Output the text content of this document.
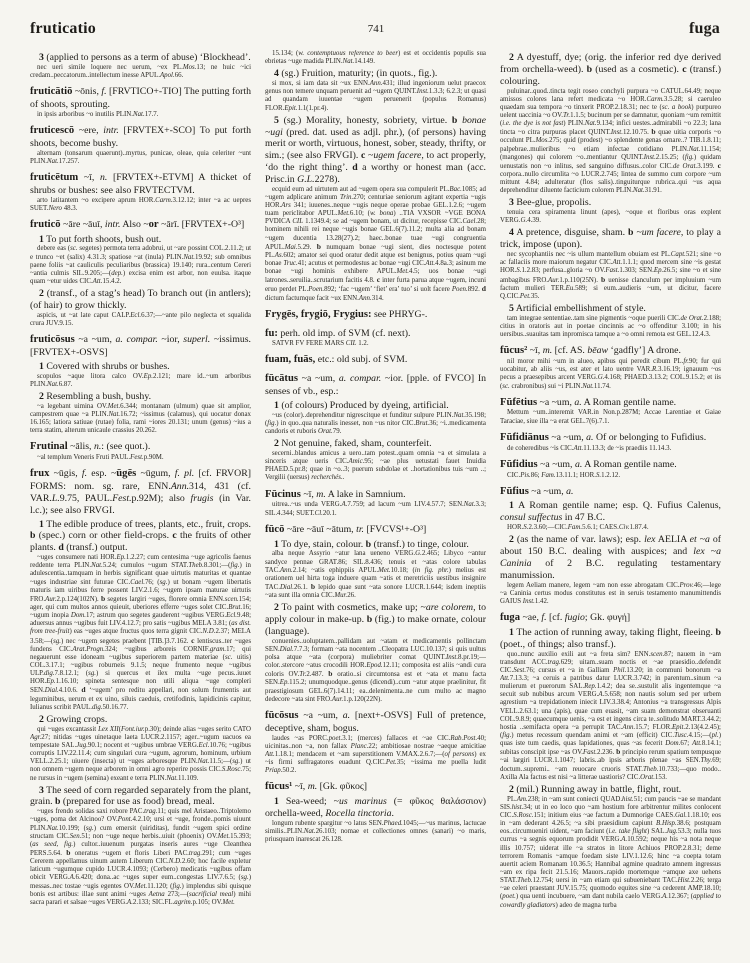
fruticatio	741	fuga

3 (applied to persons as a term of abuse) ‘Blockhead’.

nec ueri simile loquere nec uerum, ~ex PL.Mos.13; ne huic ~ici credam..peccatorum..intellectum inesse APUL.Apol.66.

fruticātiō ~ōnis, f. [FRVTICO+-TIO] The putting forth of shoots, sprouting.

in ipsis arboribus ~o inutilis PLIN.Nat.17.7.

fruticescō ~ere, intr. [FRVTEX+-SCO] To put forth shoots, become bushy.

alternam (tonsarum quaerunt)..myrtus, punicae, oleae, quia celeriter ~unt PLIN.Nat.17.257.

fruticētum ~ī, n. [FRVTEX+-ETVM] A thicket of shrubs or bushes: see also FRVTECTVM.

arto latitantem ~o excipere aprum HOR.Carm.3.12.12; inter ~a ac uepres SUET.Nero 48.3.

fruticō ~āre ~āuī, intr. Also ~or ~ārī. [FRVTEX+-O³]

1 To put forth shoots, bush out.

debere eas (sc. segetes) permota terra adobrui, ut ~are possint COL.2.11.2; ut e trunco ~et (salix) 4.31.3; spatiose ~at (inula) PLIN.Nat.19.92; sub omnibus paene foliis ~at cauliculis peculiaribus (brassica) 19.140; rura..centum Cereri ~antia culmis SIL.9.205;—(dep.) excisa enim est arbor, non euulsa. itaque quam ~etur uides CIC.Att.15.4.2.

2 (transf., of a stag’s head) To branch out (in antlers); (of hair) to grow thickly.

aspicis, ut ~at late caput CALP.Ecl.6.37;—~ante pilo neglecta et squalida crura JUV.9.15.

fruticōsus ~a ~um, a. compar. ~ior, superl. ~issimus. [FRVTEX+-OSVS]

1 Covered with shrubs or bushes.

scopulos ~aque litora calco OV.Ep.2.121; mare id..~um arboribus PLIN.Nat.6.87.

2 Resembling a bush, bushy.

~a legebant uimina OV.Met.6.344; montanam (ulmum) quae sit amplior, campestrem quae ~a PLIN.Nat.16.72; ~issimus (calamus), qui uocatur donax 16.165; latiora satiuae (rutae) folia, rami ~iores 20.131; unum (genus) ~ius a terra statim, alterum unicaule crassius 20.262.

Frutinal ~ālis, n.: (see quot.).

~al templum Veneris Fruti PAUL.Fest.p.90M.

frux ~ūgis, f. esp. ~ūgēs ~ūgum, f. pl. [cf. FRVOR] FORMS: nom. sg. rare, ENN.Ann.314, 431 (cf. VAR.L.9.75, PAUL.Fest.p.92M); also frugis (in Var. l.c.); see also FRVGI.

1 The edible produce of trees, plants, etc., fruit, crops. b (spec.) corn or other field-crops. c the fruits of other plants. d (transf.) output.

~uges consumere nati HOR.Ep.1.2.27; cum centesima ~uge agricolis faenus reddente terra PLIN.Nat.5.24; cumulos ~ugum STAT.Theb.8.301;—(fig.) in adulescentia..tamquam in herbis significant quae uirtutis maturitas et quantae ~uges industriae sint futurae CIC.Cael.76; (sg.) ut bonam ~ugem libertatis maturis iam uiribus ferre possent LIV.2.1.6; ~ugem ipsam maturae uirtutis FRO.Aur.2.p.124(102N). b segetes largiri ~uges, florere omnia ENN.scen.154; ager, qui cum multos annos quieuit, uberiores efferre ~uges solet CIC.Brut.16; ~ugum inopia Dom.17; astrum quo segetes gauderent ~ugibus VERG.Ecl.9.48; aduersus annus ~ugibus fuit LIV.4.12.7; pro satis ~ugibus MELA 3.81; (as dist. from tree-fruit) eas ~uges atque fructus quos terra gignit CIC.N.D.2.37; MELA 3.58;—(sg.) nec ~ugem segetes praebent [TIB.]3.7.162. c lentiscus..ter ~uges fundens CIC.Arat.Progn.324; ~ugibus arboreis CORNIF.gram.17; qui negauerunt esse idoneam ~ugibus superiorem partem materiae (sc. uitis) COL.3.17.1; ~ugibus roburneis 9.1.5; neque frumento neque ~ugibus ULP.dig.7.8.12.1; (sg.) si quercus et ilex multa ~uge pecus..iuuet HOR.Ep.1.16.10; spineta sentesque non utili aliqua ~uge compleri SEN.Dial.4.10.6. d ‘~ugem’ pro reditu appellari, non solum frumentis aut leguminibus, uerum et ex uino, siluis caeduis, cretifodinis, lapidicinis capitur, Iulianus scribit PAUL.dig.50.16.77.

2 Growing crops.

qui ~uges excantassit Lex XII(Font.iur.p.30); deinde alias ~uges serito CATO Agr.27; nitidas ~uges uinetaque laeta LUCR.2.1157; ager..~ugum uacuos ea tempestate SAL.Jug.90.1; nocent et ~ugibus umbrae VERG.Ecl.10.76; ~ugibus corruptis LIV.22.11.4; cum singulari cura ~ugum, agrorum, hominum, urbium VELL.2.25.1; uiuere (insecta) ut ~uges arboresque PLIN.Nat.11.5;—(sg.) ut non omnem ~ugem neque arborem in omni agro reperire possis CIC.S.Rosc.75; ne rursus in ~ugem (semina) exeant e terra PLIN.Nat.11.109.

3 The seed of corn regarded separately from the plant, grain. b (prepared for use as food) bread, meal.

~uges frendo solidas saxi robore PAC.trag.11; quis mel Aristaeo..Triptolemo ~uges, poma det Alcinoo? OV.Pont.4.2.10; ursi et ~uge, fronde..pomis uiuunt PLIN.Nat.10.199; (sg.) cum emersit (uiriditas), fundit ~ugem spici ordine structam CIC.Sen.51; non ~uge neque herbis..uiuit (phoenix) OV.Met.15.393; (as seed, fig.) cultor..iuuenum purgatas inseris aures ~uge Cleanthea PERS.5.64. b oneratus ~ugem et floris Liberi PAC.trag.291; cum ~uges Cererem appellamus uinum autem Liberum CIC.N.D.2.60; hoc facile expletur laticum ~ugumque cupido LUCR.4.1093; (Cerbero) medicatis ~ugibus offam obicit VERG.A.6.420; dona..ac ~uges super eum..congestas LIV.7.6.5; (sg.) messas..nec tostae ~ugis egentes OV.Met.11.120; (fig.) implendus sibi quisque bonis est artibus: illae sunt animi ~uges Aetna 273;—(sacrificial meal) mihi sacra parari et salsae ~uges VERG.A.2.133; SIC.FL.agrim.p.105; OV.Met.

15.134; (w. contemptuous reference to beer) est et occidentis populis sua ebrietas ~uge madida PLIN.Nat.14.149.

4 (sg.) Fruition, maturity; (in quots., fig.).

si mox, si iam data sit ~ux ENN.Ann.431; illud ingeniorum uelut praecox genus non temere unquam peruenit ad ~ugem QUINT.Inst.1.3.3; 6.2.3; ut quasi ad quandam iuuentae ~ugem peruenerit (populus Romanus) FLOR.Epit.1.1(1.pr.4).

5 (sg.) Morality, honesty, sobriety, virtue. b bonae ~ugi (pred. dat. used as adjl. phr.), (of persons) having merit or worth, virtuous, honest, sober, steady, thrifty, or sim.; (see also FRVGI). c ~ugem facere, to act properly, ‘do the right thing’. d a worthy or honest man (acc. Prisc.in G.L.2278).

ecquid eum ad uirtutem aut ad ~ugem opera sua compulerit PL.Bac.1085; ad ~ugem adplicare animum Trin.270; centuriae seniorum agitant expertia ~ugis HOR.Ars 341; iuuenes..neque ~ugis neque operae probae GEL.1.2.6; ~ugem tuam periclitabor APUL.Met.6.10; (w. bona) ..TIA VXSOR ~VGE BONA PVDICA CIL 1.1349.4; se ad ~ugem bonam, ut dicitur, recepisse CIC.Cael.28; hominem nihili rei neque ~ugis bonae GEL.6(7).11.2; multa alia ad bonam ~ugem ducentia 13.28(27).2; haec..bonae tuae ~ugi congruentia APUL.Mai.5.29. b numquam bonae ~ugi sient, dies noctesque potent PL.As.602; amator sei quod oratur dedit atque est benignus, potius quam ~ugi bonae Truc.41; acutus et permodestus ac bonae ~ugi CIC.Att.4.8a.3; asinum me bonae ~ugi hominis exhibere APUL.Met.4.5; uos bonae ~ugi latrones..seruilia..scrutarium facitis 4.8. c inter furta parua atque ~ugem, incuni eruo perdet PL.Poen.892; ‘fac ~ugem’ ‘fiet’ era’ tuo’ si uolt facere Poen.892. d dictum factumque facit ~ux ENN.Ann.314.

Frygēs, frygiō, Frygius: see PHRYG-.

fu: perh. old imp. of SVM (cf. next).

SATVR FV FERE MARS CIL 1.2.

fuam, fuās, etc.: old subj. of SVM.

fūcātus ~a ~um, a. compar. ~ior. [pple. of FVCO] In senses of vb., esp.:

1 (of colours) Produced by dyeing, artificial.

~us (color)..deprehenditur nigrescitque et funditur sulpure PLIN.Nat.35.198; (fig.) in quo..qua naturalis inesset, non ~us nitor CIC.Brut.36; ~i..medicamenta candoris et ruboris Orat.79.

2 Not genuine, faked, sham, counterfeit.

secerni..blandus amicus a uero..tam potest..quam omnia ~a et simulata a sinceris atque ueris CIC.Amic.95; ~ae plus uetustati fauet Inuidia PHAED.5.pr.8; quae in ~o..3; puerum subdolae et ..hortationibus tuis ~um ..; Vergilii (uersus) recherchés..

Fūcinus ~ī, m. A lake in Samnium.

uitrea..~us unda VERG.A.7.759; ad lacum ~um LIV.4.57.7; SEN.Nat.3.3; SIL.4.344; SUET.Cl.20.1.

fūcō ~āre ~āuī ~ātum, tr. [FVCVS¹+-O³]

1 To dye, stain, colour. b (transf.) to tinge, colour.

alba neque Assyrio ~atur lana ueneno VERG.G.2.465; Libyco ~antur sandyce pennae GRAT.86; SIL.8.436; tenuis et ~atas colore tabulas TAC.Ann.2.14; ~atis ephippiis APUL.Met.10.18; (in fig. phr.) melius est orationem uel hirta toga induere quam ~atis et meretriciis uestibus insignire TAC.Dial.26.1. b lepido quae sunt ~ata sonore LUCR.1.644; isdem ineptiis ~ata sunt illa omnia CIC.Mur.26.

2 To paint with cosmetics, make up; ~are colorem, to apply colour in make-up. b (fig.) to make ornate, colour (language).

conuenies..uoluptatem..pallidam aut ~atam et medicamentis pollinctam SEN.Dial.7.7.3; formam ~ata nocentem ..Cleopatra LUC.10.137; si quis uultus polsa atque ~ata (corpora) muliebriter comat QUINT.Inst.8.pr.19;—color..stercore ~atus crocodili HOR.Epod.12.11; composita est aliis ~andi cura coloris OV.Tr.2.487. b oratio..si circumtonsa est et ~ata et manu facta SEN.Ep.115.2; unumquodque..genus (dicendi)..cum ~atur atque praelinitur, fit praestigiosum GEL.6(7).14.11; ea..delenimenta..ne cum multo ac magno dedecore ~ata sint FRO.Aur.1.p.120(22N).

fūcōsus ~a ~um, a. [next+-OSVS] Full of pretence, deceptive, sham, bogus.

laudes ~as PORC.poet.3.1; (merces) fallaces et ~ae CIC.Rab.Post.40; uicinitas..non ~a, non fallax Planc.22; ambitiosae nostrae ~aeque amicitiae Att.1.18.1; mendacem et ~am superstitionem V.MAX.2.6.7;—(of persons) ex ~is firmi suffragatores euadunt Q.CIC.Pet.35; ~issima me puella ludit Priap.50.2.

fūcus¹ ~ī, m. [Gk. φῦκος]

1 Sea-weed; ~us marinus (= φῦκος θαλάσσιον) orchella-weed, Rocella tinctoria.

longum rubente spargitur ~o latus SEN.Phaed.1045;—~us marinus, lactucae similis..PLIN.Nat.26.103; nomae et collectiones omnes (sanari) ~o maris, priusquam inarescat 26.128.

2 A dyestuff, dye; (orig. the inferior red dye derived from orchella-weed). b (used as a cosmetic). c (transf.) colouring.

puluinar..quod..tincta tegit roseo conchyli purpura ~o CATUL.64.49; neque amissos colores lana refert medicata ~o HOR.Carm.3.5.28; si caeruleo quaedam sua tempora ~o tinxerit PROP.2.18.31; nec te (sc. a book) purpureo uelent uaccinia ~o OV.Tr.1.1.5; bucinum per se damnatur, quoniam ~um remittit (i.e. the dye is not fast) PLIN.Nat.9.134; infici uestes..admirabili ~o 22.3; lana tincta ~o citra purpuras placet QUINT.Inst.12.10.75. b quae uitia corporis ~o occulunt PL.Mos.275; quid (prodest) ~o splendente genas ornare..? TIB.1.8.11; palpebrae..mulieribus ~o etiam infectae cotidiano PLIN.Nat.11.154; (mangones) qui colorem ~o..mentiantur QUINT.Inst.2.15.25; (fig.) quidam uenustatis non ~o inlitus, sed sanguino diffusus..color CIC.de Orat.3.199. c corpora..nullo circumlita ~o LUCR.2.745; lintea de summo cum corpore ~um mittunt 4.84; adulteratur (flos salis)..tinguiturque rubrica..qui ~us aqua deprehenditur diluente facticium colorem PLIN.Nat.31.91.

3 Bee-glue, propolis.

tenuia cera spiramenta linunt (apes), ~oque et floribus oras explent VERG.G.4.39.

4 A pretence, disguise, sham. b ~um facere, to play a trick, impose (upon).

nec sycophantiis nec ~is ullum mantellum obuiam est PL.Capt.521; sine ~o ac fallaciis more maiorum negatur CIC.Att.1.1.1; quod mercem sine ~is gestat HOR.S.1.2.83; perfusa..gloria ~o OV.Fast.1.303; SEN.Ep.26.5; sine ~o et sine ambagibus FRO.Aur.1.p.110(25N). b uenisse clanculum per impluuium ~um factum mulieri TER.Eu.589; si eum..audieris ~um, ut dicitur, facere Q.CIC.Pet.35.

5 Artificial embellishment of style.

tam integrae sententiae..tam sine pigmentis ~oque puerili CIC.de Orat.2.188; citius in oratoris aut in poetae cincinnis ac ~o offenditur 3.100; in his uersibus..suauitas tam inpromisca tamque a ~o omni remota est GEL.12.4.3.

fūcus² ~ī, m. [cf. AS. bēaw ‘gadfly’] A drone.

nil moror mihi ~um in alueo, apibus qui peredit cibum PL.fr.90; fur qui uocabitur, ab aliis ~us, est ater et lato uentre VAR.R.3.16.19; ignauum ~os pecus a praesepibus arcent VERG.G.4.168; PHAED.3.13.2; COL.9.15.2; et iis (sc. crabronibus) sui ~i PLIN.Nat.11.74.

Fūfētius ~a ~um, a. A Roman gentile name.

Mettum ~um..interemit VAR.in Non.p.287M; Accae Larentiae et Gaiae Taraciae, siue illa ~a erat GEL.7(6).7.1.

Fūfidiānus ~a ~um, a. Of or belonging to Fufidius.

de coheredibus ~is CIC.Att.11.13.3; de ~is praediis 11.14.3.

Fūfidius ~a ~um, a. A Roman gentile name.

CIC.Pis.86; Fam.13.11.1; HOR.S.1.2.12.

Fūfius ~a ~um, a.

1 A Roman gentile name; esp. Q. Fufius Calenus, consul suffectus in 47 B.C.

HOR.S.2.3.60;—CIC.Fam.5.6.1; CAES.Civ.1.87.4.

2 (as the name of var. laws); esp. lex AELIA et ~a of about 150 B.C. dealing with auspices; and lex ~a Caninia of 2 B.C. regulating testamentary manumission.

legem Aeliam manere, legem ~am non esse abrogatam CIC.Prov.46;—lege ~a Caninia certus modus constitutus est in seruis testamento manumittendis GAIUS Inst.1.42.

fuga ~ae, f. [cf. fugio; Gk. φυγή]

1 The action of running away, taking flight, fleeing. b (poet., of things; also transf.).

quo..nunc auxilio exili aut ~a freta sim? ENN.scen.87; nauem in ~am transdunt ACC.trag.629; uitam..suam noctis et ~ae praesidio..defendit CIC.Sest.76; cursus et ~a in Galliam Phil.13.20; in communi bonorum ~a Att.7.13.3; ~a ceruis a patribus datur LUCR.3.742; in parentum..sinum ~a mulierum et puerorum SAL.Rep.1.4.2; dea se..sustulit alis ingentemque ~a secuit sub nubibus arcum VERG.A.5.658; non nautis solum sed per urbem agrestium ~a trepidationem iniecit LIV.3.38.4; Antonius ~a transgressus Alpis VELL.2.63.1; una (apis), quae cum euasit, ~am suam demonstrat obseruanti COL.9.8.9; quaecumque uenis, ~a est et ingens circa te..solitudo MART.3.44.2; hostia ..semifacta opera ~a perrupit TAC.Ann.15.7; FLOR.Epit.2.13(4.2.45); (fig.) metus recessum quendam animi et ~am (efficit) CIC.Tusc.4.15;—(pl.) quas iste tum caedis, quas lapidationes, quas ~as fecerit Dom.67; Att.8.14.1; subitas conscipit ipse ~as OV.Fast.2.236. b principio rerum spatium tempusque ~ai largiri LUCR.1.1047; labris..ab ipsis arboris plenae ~as SEN.Thy.69; doctum..supremi.. ~am reuocare cruoris STAT.Theb.10.733;—quo modo.. Axilla Ala factus est nisi ~a litterae uastioris? CIC.Orat.153.

2 (mil.) Running away in battle, flight, rout.

PL.Am.238; in ~am sunt coniecti QUAD.hist.51; cum paucis ~ae se mandant SIS.hist.34; ut in eo loco quo ~am hostium fore arbitrentur milites conlocent CIC.S.Rosc.151; initium eius ~ae factum a Dumnorige CAES.Gal.1.18.10; eos in ~am dederant 4.26.5; ~a sibi praesidium capiunt B.Hisp.38.6; postquam eos..circumueniri uident, ~am faciunt (i.e. take flight) SAL.Jug.53.3; nulla tuos currus ~a segnis equorum prodidit VERG.A.10.592; neque his ~a nota neque illis 10.757; uiderat ille ~a stratos in litore Achiuos PROP.2.8.31; deme terrorem Romanis ~amque foedam siste LIV.1.12.6; hinc ~a coepta totam auertit aciem Romanam 10.36.5; Hannibal agmine quadrato amnem ingressus ~am ex ripa fecit 21.5.16; Mauors..rapido mortemque ~amque axe uehens STAT.Theb.12.754; uersi in ~am etiam qui subueniebant TAC.Hist.2.26; terga ~ae celeri praestant JUV.15.75; quomodo equites sine ~a cederent AMP.18.10; (poet.) qua uenti incubuere, ~am dant nubila caelo VERG.A.12.367; (applied to cowardly gladiators) adeo de magna turba
